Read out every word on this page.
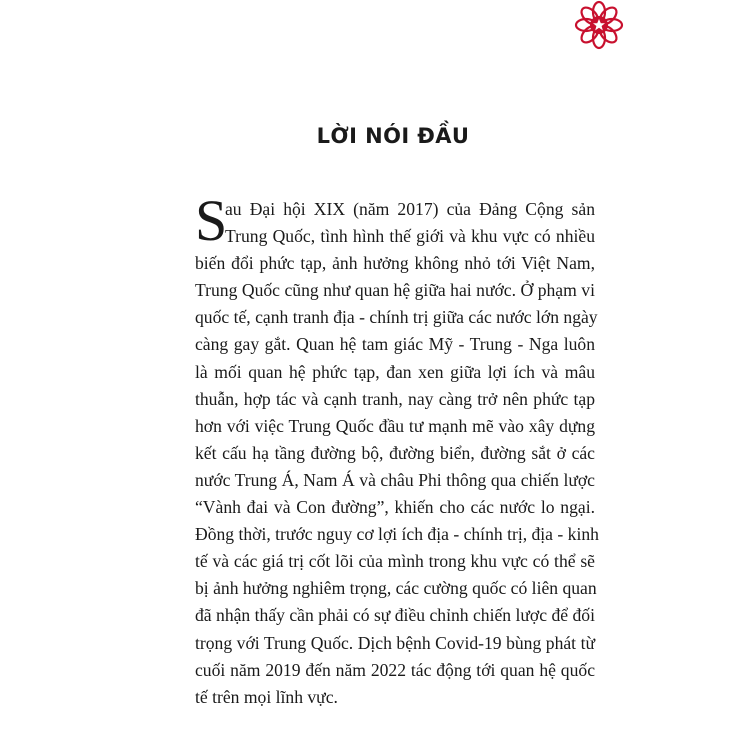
LỜI NÓI ĐẦU
S
au Đại hội XIX (năm 2017) của Đảng Cộng sản
Trung Quốc, tình hình thế giới và khu vực có nhiều
biến đổi phức tạp, ảnh hưởng không nhỏ tới Việt Nam,
Trung Quốc cũng như quan hệ giữa hai nước. Ở phạm vi
quốc tế, cạnh tranh địa - chính trị giữa các nước lớn ngày
càng gay gắt. Quan hệ tam giác Mỹ - Trung - Nga luôn
là mối quan hệ phức tạp, đan xen giữa lợi ích và mâu
thuẫn, hợp tác và cạnh tranh, nay càng trở nên phức tạp
hơn với việc Trung Quốc đầu tư mạnh mẽ vào xây dựng
kết cấu hạ tầng đường bộ, đường biển, đường sắt ở các
nước Trung Á, Nam Á và châu Phi thông qua chiến lược
“Vành đai và Con đường”, khiến cho các nước lo ngại.
Đồng thời, trước nguy cơ lợi ích địa - chính trị, địa - kinh
tế và các giá trị cốt lõi của mình trong khu vực có thể sẽ
bị ảnh hưởng nghiêm trọng, các cường quốc có liên quan
đã nhận thấy cần phải có sự điều chỉnh chiến lược để đối
trọng với Trung Quốc. Dịch bệnh Covid-19 bùng phát từ
cuối năm 2019 đến năm 2022 tác động tới quan hệ quốc
tế trên mọi lĩnh vực.
